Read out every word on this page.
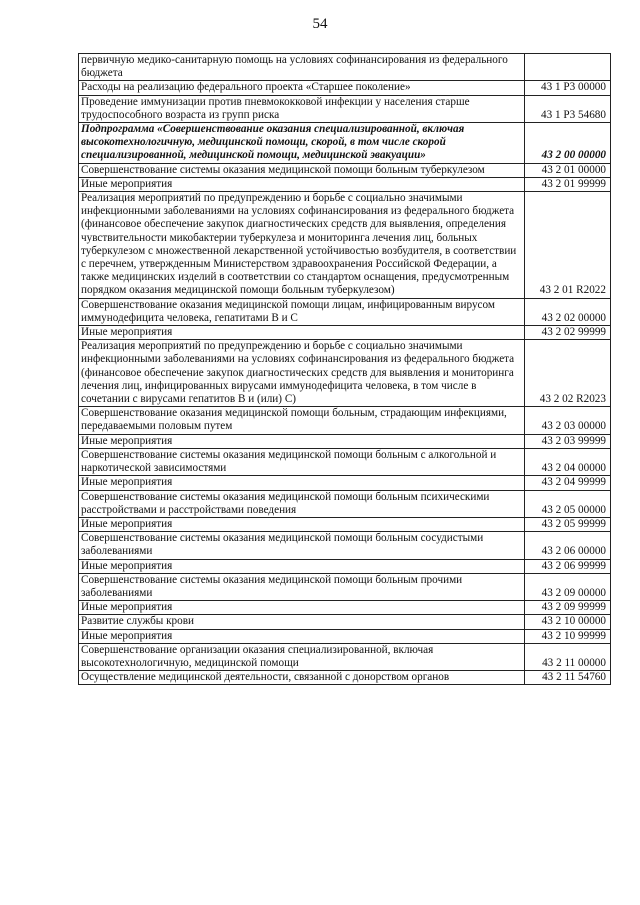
54
первичную медико-санитарную помощь на условиях софинансирования из федерального бюджета	
Расходы на реализацию федерального проекта «Старшее поколение»	43 1 P3 00000
Проведение иммунизации против пневмококковой инфекции у населения старше трудоспособного возраста из групп риска	43 1 P3 54680
Подпрограмма «Совершенствование оказания специализированной, включая высокотехнологичную, медицинской помощи, скорой, в том числе скорой специализированной, медицинской помощи, медицинской эвакуации»	43 2 00 00000
Совершенствование системы оказания медицинской помощи больным туберкулезом	43 2 01 00000
Иные мероприятия	43 2 01 99999
Реализация мероприятий по предупреждению и борьбе с социально значимыми инфекционными заболеваниями на условиях софинансирования из федерального бюджета (финансовое обеспечение закупок диагностических средств для выявления, определения чувствительности микобактерии туберкулеза и мониторинга лечения лиц, больных туберкулезом с множественной лекарственной устойчивостью возбудителя, в соответствии с перечнем, утвержденным Министерством здравоохранения Российской Федерации, а также медицинских изделий в соответствии со стандартом оснащения, предусмотренным порядком оказания медицинской помощи больным туберкулезом)	43 2 01 R2022
Совершенствование оказания медицинской помощи лицам, инфицированным вирусом иммунодефицита человека, гепатитами B и C	43 2 02 00000
Иные мероприятия	43 2 02 99999
Реализация мероприятий по предупреждению и борьбе с социально значимыми инфекционными заболеваниями на условиях софинансирования из федерального бюджета (финансовое обеспечение закупок диагностических средств для выявления и мониторинга лечения лиц, инфицированных вирусами иммунодефицита человека, в том числе в сочетании с вирусами гепатитов B и (или) C)	43 2 02 R2023
Совершенствование оказания медицинской помощи больным, страдающим инфекциями, передаваемыми половым путем	43 2 03 00000
Иные мероприятия	43 2 03 99999
Совершенствование системы оказания медицинской помощи больным с алкогольной и наркотической зависимостями	43 2 04 00000
Иные мероприятия	43 2 04 99999
Совершенствование системы оказания медицинской помощи больным психическими расстройствами и расстройствами поведения	43 2 05 00000
Иные мероприятия	43 2 05 99999
Совершенствование системы оказания медицинской помощи больным сосудистыми заболеваниями	43 2 06 00000
Иные мероприятия	43 2 06 99999
Совершенствование системы оказания медицинской помощи больным прочими заболеваниями	43 2 09 00000
Иные мероприятия	43 2 09 99999
Развитие службы крови	43 2 10 00000
Иные мероприятия	43 2 10 99999
Совершенствование организации оказания специализированной, включая высокотехнологичную, медицинской помощи	43 2 11 00000
Осуществление медицинской деятельности, связанной с донорством органов	43 2 11 54760
